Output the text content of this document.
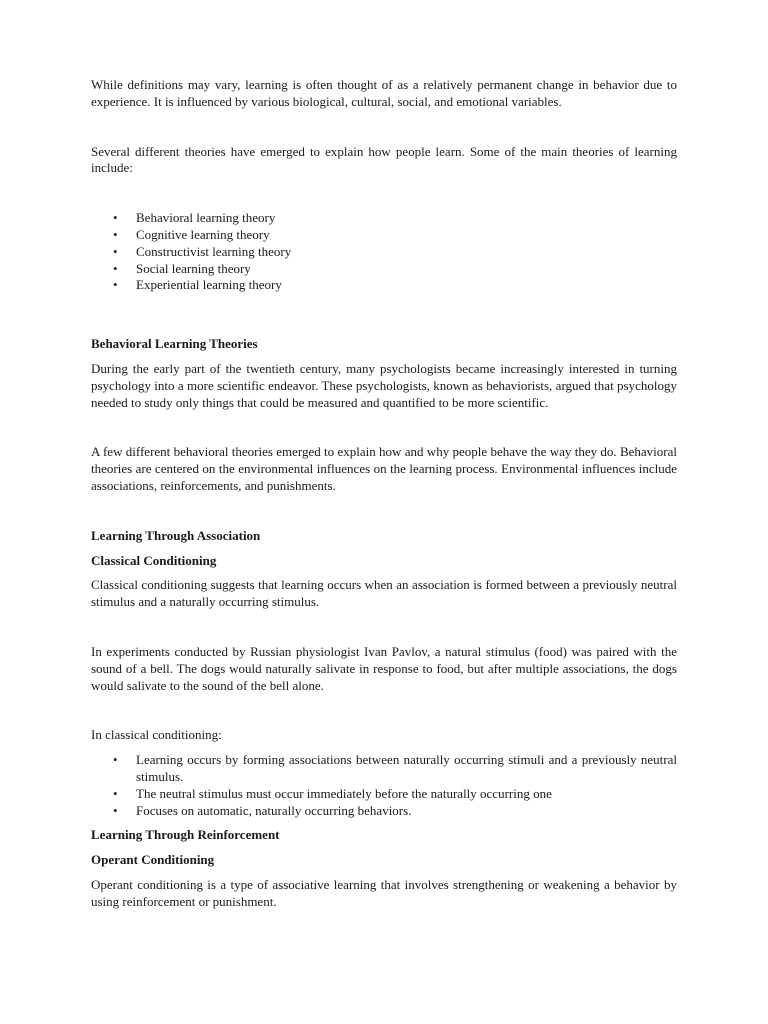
While definitions may vary, learning is often thought of as a relatively permanent change in behavior due to experience. It is influenced by various biological, cultural, social, and emotional variables.

Several different theories have emerged to explain how people learn. Some of the main theories of learning include:

• Behavioral learning theory
• Cognitive learning theory
• Constructivist learning theory
• Social learning theory
• Experiential learning theory
Behavioral Learning Theories

During the early part of the twentieth century, many psychologists became increasingly interested in turning psychology into a more scientific endeavor. These psychologists, known as behaviorists, argued that psychology needed to study only things that could be measured and quantified to be more scientific.

A few different behavioral theories emerged to explain how and why people behave the way they do. Behavioral theories are centered on the environmental influences on the learning process. Environmental influences include associations, reinforcements, and punishments.

Learning Through Association
Classical Conditioning

Classical conditioning suggests that learning occurs when an association is formed between a previously neutral stimulus and a naturally occurring stimulus.

In experiments conducted by Russian physiologist Ivan Pavlov, a natural stimulus (food) was paired with the sound of a bell. The dogs would naturally salivate in response to food, but after multiple associations, the dogs would salivate to the sound of the bell alone.

In classical conditioning:

• Learning occurs by forming associations between naturally occurring stimuli and a previously neutral stimulus.
• The neutral stimulus must occur immediately before the naturally occurring one
• Focuses on automatic, naturally occurring behaviors.
Learning Through Reinforcement
Operant Conditioning

Operant conditioning is a type of associative learning that involves strengthening or weakening a behavior by using reinforcement or punishment.
